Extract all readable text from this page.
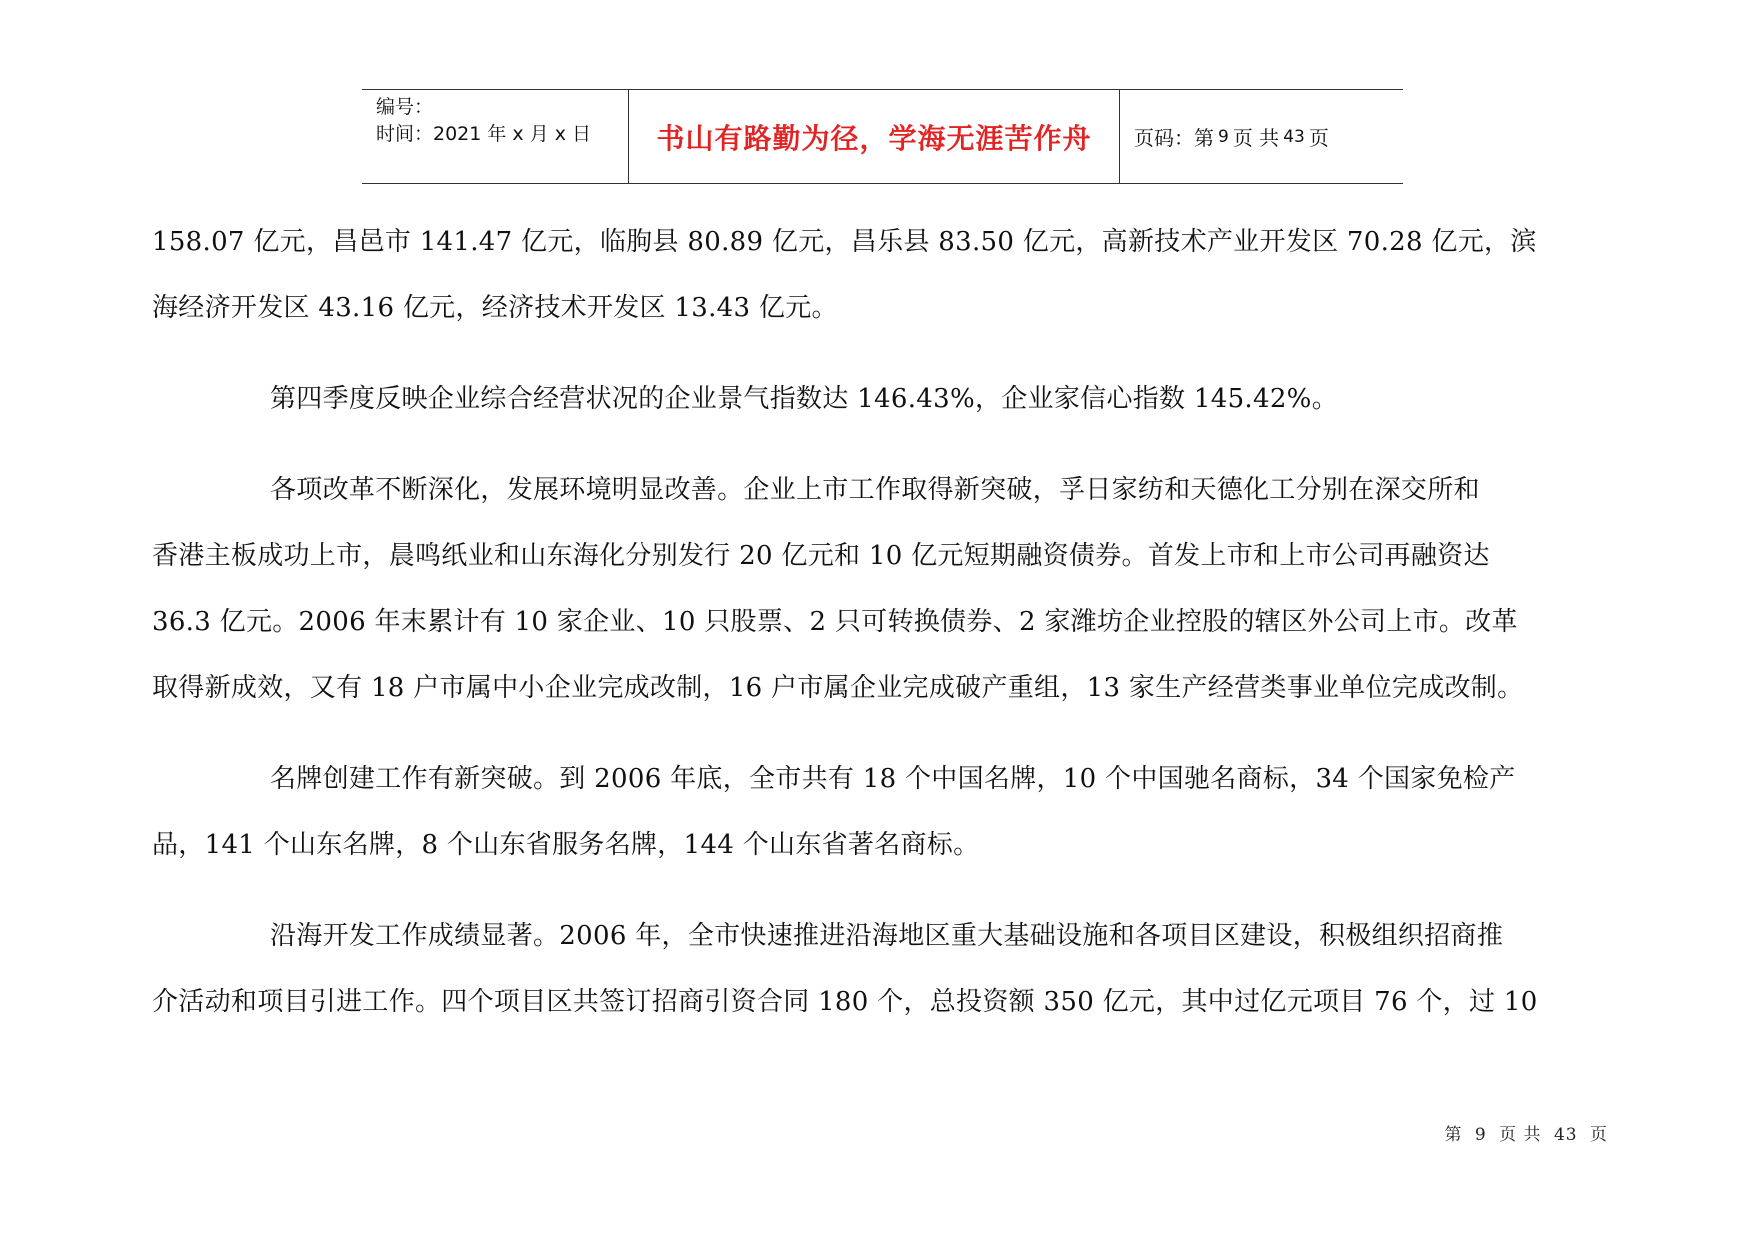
编号：
时间：2021 年 x 月 x 日	书山有路勤为径，学海无涯苦作舟 页码：第 9 页 共 43 页
158.07 亿元，昌邑市 141.47 亿元，临朐县 80.89 亿元，昌乐县 83.50 亿元，高新技术产业开发区 70.28 亿元，滨
海经济开发区 43.16 亿元，经济技术开发区 13.43 亿元。
第四季度反映企业综合经营状况的企业景气指数达 146.43%，企业家信心指数 145.42%。
各项改革不断深化，发展环境明显改善。企业上市工作取得新突破，孚日家纺和天德化工分别在深交所和
香港主板成功上市，晨鸣纸业和山东海化分别发行 20 亿元和 10 亿元短期融资债券。首发上市和上市公司再融资达
36.3 亿元。2006 年末累计有 10 家企业、10 只股票、2 只可转换债券、2 家潍坊企业控股的辖区外公司上市。改革
取得新成效，又有 18 户市属中小企业完成改制，16 户市属企业完成破产重组，13 家生产经营类事业单位完成改制。
名牌创建工作有新突破。到 2006 年底，全市共有 18 个中国名牌，10 个中国驰名商标，34 个国家免检产
品，141 个山东名牌，8 个山东省服务名牌，144 个山东省著名商标。
沿海开发工作成绩显著。2006 年，全市快速推进沿海地区重大基础设施和各项目区建设，积极组织招商推
介活动和项目引进工作。四个项目区共签订招商引资合同 180 个，总投资额 350 亿元，其中过亿元项目 76 个，过 10
第 9 页 共 43 页
